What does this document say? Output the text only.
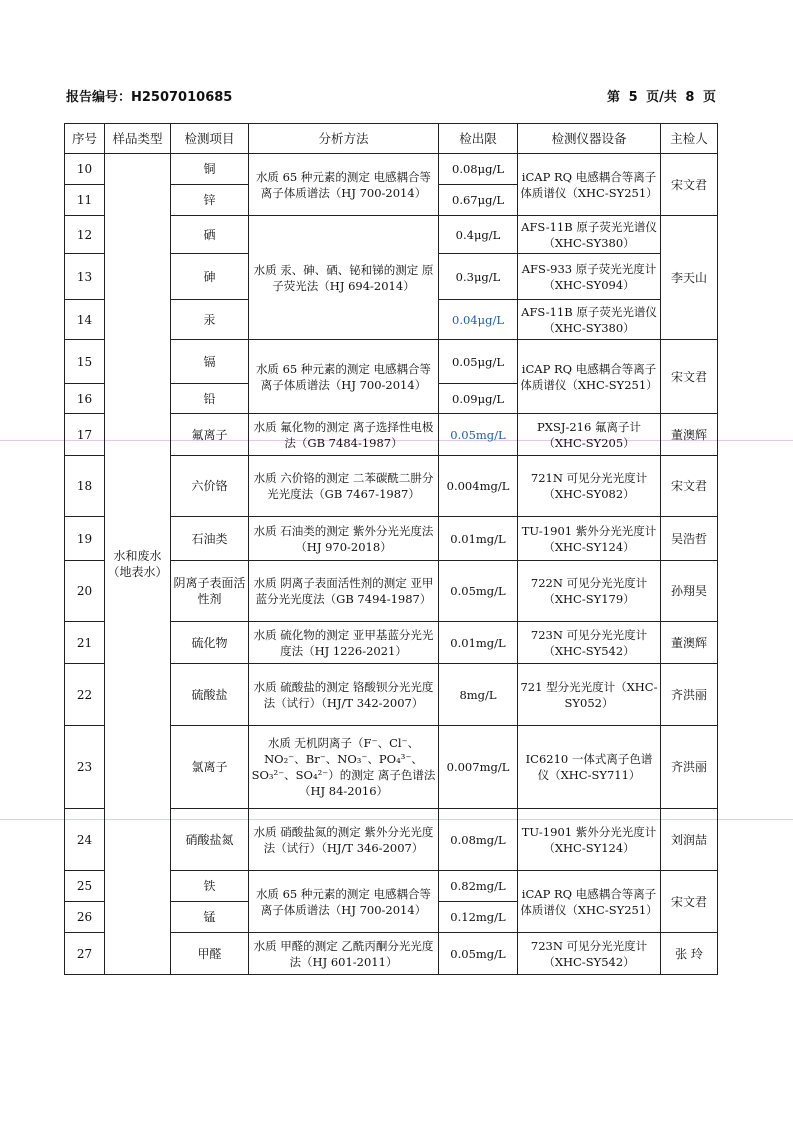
报告编号：H2507010685	第 5 页/共 8 页
序号	样品类型	检测项目	分析方法	检出限	检测仪器设备	主检人
10	水和废水（地表水）	铜	水质 65 种元素的测定 电感耦合等离子体质谱法（HJ 700-2014）	0.08μg/L	iCAP RQ 电感耦合等离子体质谱仪（XHC-SY251）	宋文君
11		锌		0.67μg/L		
12		硒	水质 汞、砷、硒、铋和锑的测定 原子荧光法（HJ 694-2014）	0.4μg/L	AFS-11B 原子荧光光谱仪（XHC-SY380）	李天山
13		砷		0.3μg/L	AFS-933 原子荧光光度计（XHC-SY094）	
14		汞		0.04μg/L	AFS-11B 原子荧光光谱仪（XHC-SY380）	
15		镉	水质 65 种元素的测定 电感耦合等离子体质谱法（HJ 700-2014）	0.05μg/L	iCAP RQ 电感耦合等离子体质谱仪（XHC-SY251）	宋文君
16		铅		0.09μg/L		
17		氟离子	水质 氟化物的测定 离子选择性电极法（GB 7484-1987）	0.05mg/L	PXSJ-216 氟离子计（XHC-SY205）	董澳辉
18		六价铬	水质 六价铬的测定 二苯碳酰二肼分光光度法（GB 7467-1987）	0.004mg/L	721N 可见分光光度计（XHC-SY082）	宋文君
19		石油类	水质 石油类的测定 紫外分光光度法（HJ 970-2018）	0.01mg/L	TU-1901 紫外分光光度计（XHC-SY124）	吴浩哲
20		阴离子表面活性剂	水质 阴离子表面活性剂的测定 亚甲蓝分光光度法（GB 7494-1987）	0.05mg/L	722N 可见分光光度计（XHC-SY179）	孙翔昊
21		硫化物	水质 硫化物的测定 亚甲基蓝分光光度法（HJ 1226-2021）	0.01mg/L	723N 可见分光光度计（XHC-SY542）	董澳辉
22		硫酸盐	水质 硫酸盐的测定 铬酸钡分光光度法（试行）（HJ/T 342-2007）	8mg/L	721 型分光光度计（XHC-SY052）	齐洪丽
23		氯离子	水质 无机阴离子（F⁻、Cl⁻、NO₂⁻、Br⁻、NO₃⁻、PO₄³⁻、SO₃²⁻、SO₄²⁻）的测定 离子色谱法（HJ 84-2016）	0.007mg/L	IC6210 一体式离子色谱仪（XHC-SY711）	齐洪丽
24		硝酸盐氮	水质 硝酸盐氮的测定 紫外分光光度法（试行）（HJ/T 346-2007）	0.08mg/L	TU-1901 紫外分光光度计（XHC-SY124）	刘润喆
25		铁	水质 65 种元素的测定 电感耦合等离子体质谱法（HJ 700-2014）	0.82mg/L	iCAP RQ 电感耦合等离子体质谱仪（XHC-SY251）	宋文君
26		锰		0.12mg/L		
27		甲醛	水质 甲醛的测定 乙酰丙酮分光光度法（HJ 601-2011）	0.05mg/L	723N 可见分光光度计（XHC-SY542）	张 玲
